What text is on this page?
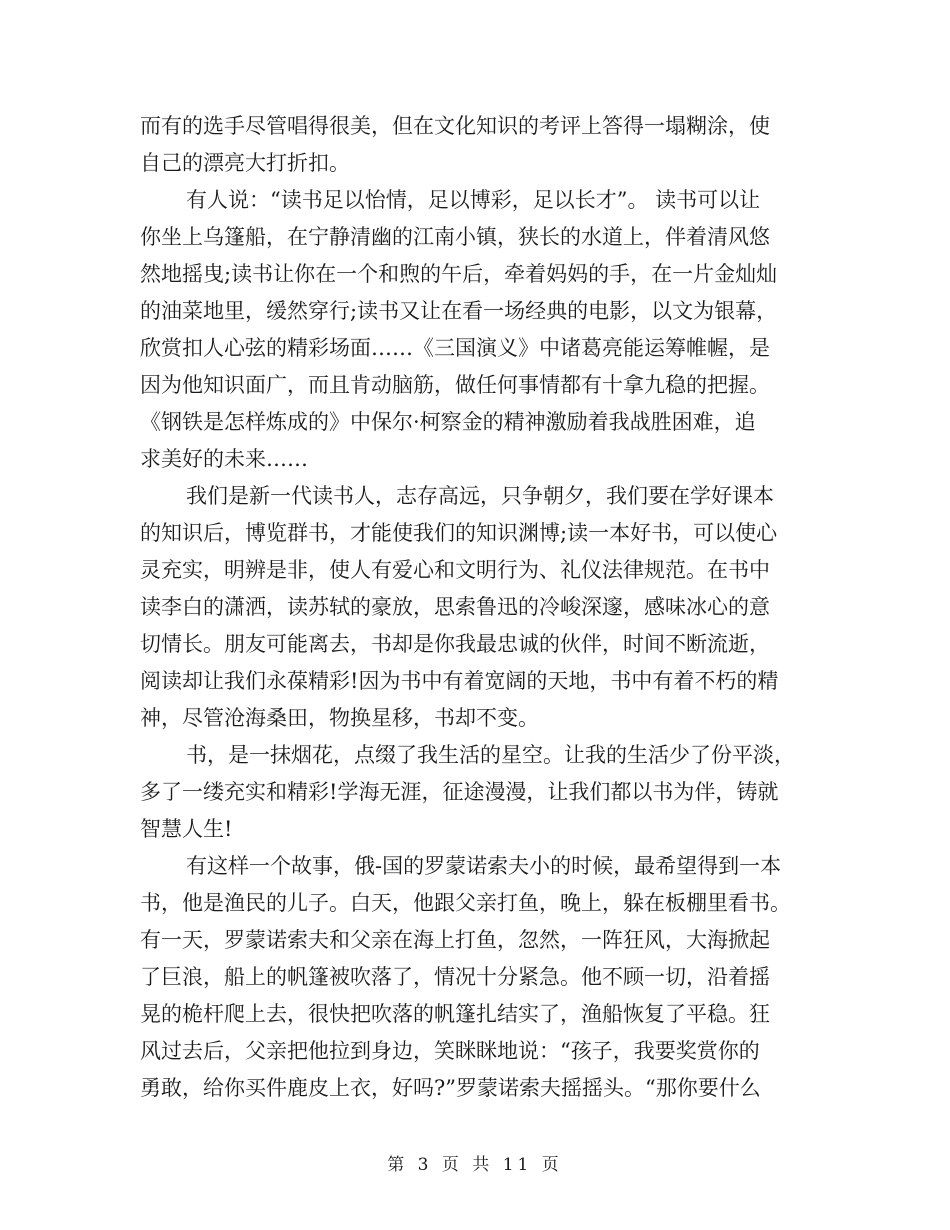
而有的选手尽管唱得很美，但在文化知识的考评上答得一塌糊涂，使
自己的漂亮大打折扣。
有人说：“读书足以怡情，足以博彩，足以长才”。 读书可以让
你坐上乌篷船，在宁静清幽的江南小镇，狭长的水道上，伴着清风悠
然地摇曳;读书让你在一个和煦的午后，牵着妈妈的手，在一片金灿灿
的油菜地里，缓然穿行;读书又让在看一场经典的电影，以文为银幕，
欣赏扣人心弦的精彩场面……《三国演义》中诸葛亮能运筹帷幄，是
因为他知识面广，而且肯动脑筋，做任何事情都有十拿九稳的把握。
《钢铁是怎样炼成的》中保尔·柯察金的精神激励着我战胜困难，追
求美好的未来……
我们是新一代读书人，志存高远，只争朝夕，我们要在学好课本
的知识后，博览群书，才能使我们的知识渊博;读一本好书，可以使心
灵充实，明辨是非，使人有爱心和文明行为、礼仪法律规范。在书中
读李白的潇洒，读苏轼的豪放，思索鲁迅的冷峻深邃，感味冰心的意
切情长。朋友可能离去，书却是你我最忠诚的伙伴，时间不断流逝，
阅读却让我们永葆精彩!因为书中有着宽阔的天地，书中有着不朽的精
神，尽管沧海桑田，物换星移，书却不变。
书，是一抹烟花，点缀了我生活的星空。让我的生活少了份平淡，
多了一缕充实和精彩!学海无涯，征途漫漫，让我们都以书为伴，铸就
智慧人生!
有这样一个故事，俄-国的罗蒙诺索夫小的时候，最希望得到一本
书，他是渔民的儿子。白天，他跟父亲打鱼，晚上，躲在板棚里看书。
有一天，罗蒙诺索夫和父亲在海上打鱼，忽然，一阵狂风，大海掀起
了巨浪，船上的帆篷被吹落了，情况十分紧急。他不顾一切，沿着摇
晃的桅杆爬上去，很快把吹落的帆篷扎结实了，渔船恢复了平稳。狂
风过去后，父亲把他拉到身边，笑眯眯地说：“孩子，我要奖赏你的
勇敢，给你买件鹿皮上衣，好吗?”罗蒙诺索夫摇摇头。“那你要什么
第 3 页 共 11 页
